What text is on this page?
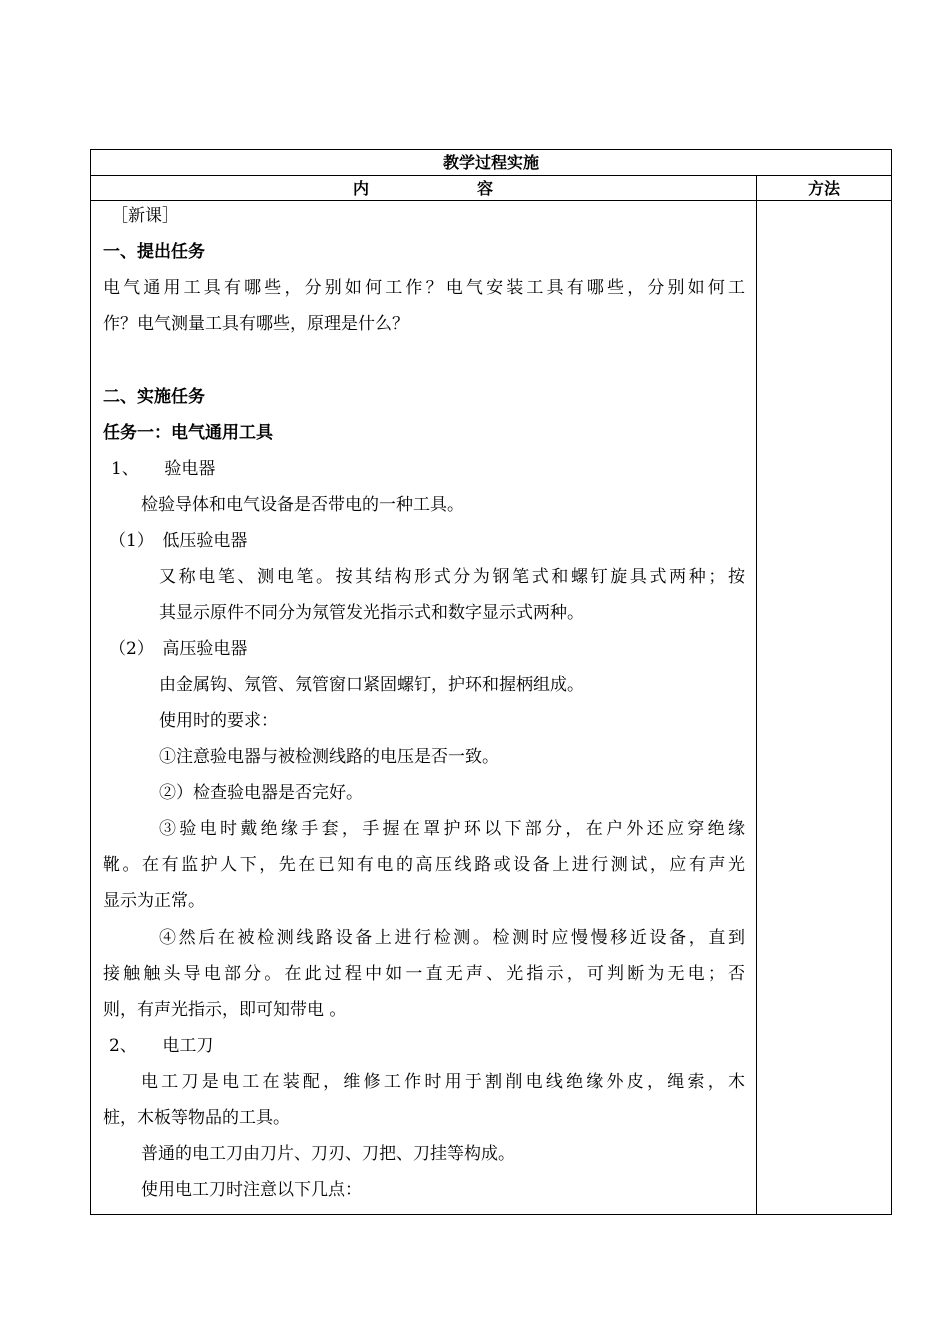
教学过程实施
内	容	方法
［新课］
一、提出任务
电气通用工具有哪些，分别如何工作？电气安装工具有哪些，分别如何工
作？电气测量工具有哪些，原理是什么？
二、实施任务
任务一：电气通用工具
1、　　验电器
检验导体和电气设备是否带电的一种工具。
（1）　低压验电器
又称电笔、测电笔。按其结构形式分为钢笔式和螺钉旋具式两种；按
其显示原件不同分为氖管发光指示式和数字显示式两种。
（2）　高压验电器
由金属钩、氖管、氖管窗口紧固螺钉，护环和握柄组成。
使用时的要求：
①注意验电器与被检测线路的电压是否一致。
②）检查验电器是否完好。
③验电时戴绝缘手套，手握在罩护环以下部分，在户外还应穿绝缘
靴。在有监护人下，先在已知有电的高压线路或设备上进行测试，应有声光
显示为正常。
④然后在被检测线路设备上进行检测。检测时应慢慢移近设备，直到
接触触头导电部分。在此过程中如一直无声、光指示，可判断为无电；否
则，有声光指示，即可知带电 。
2、　　电工刀
电工刀是电工在装配，维修工作时用于割削电线绝缘外皮，绳索，木
桩，木板等物品的工具。
普通的电工刀由刀片、刀刃、刀把、刀挂等构成。
使用电工刀时注意以下几点：
